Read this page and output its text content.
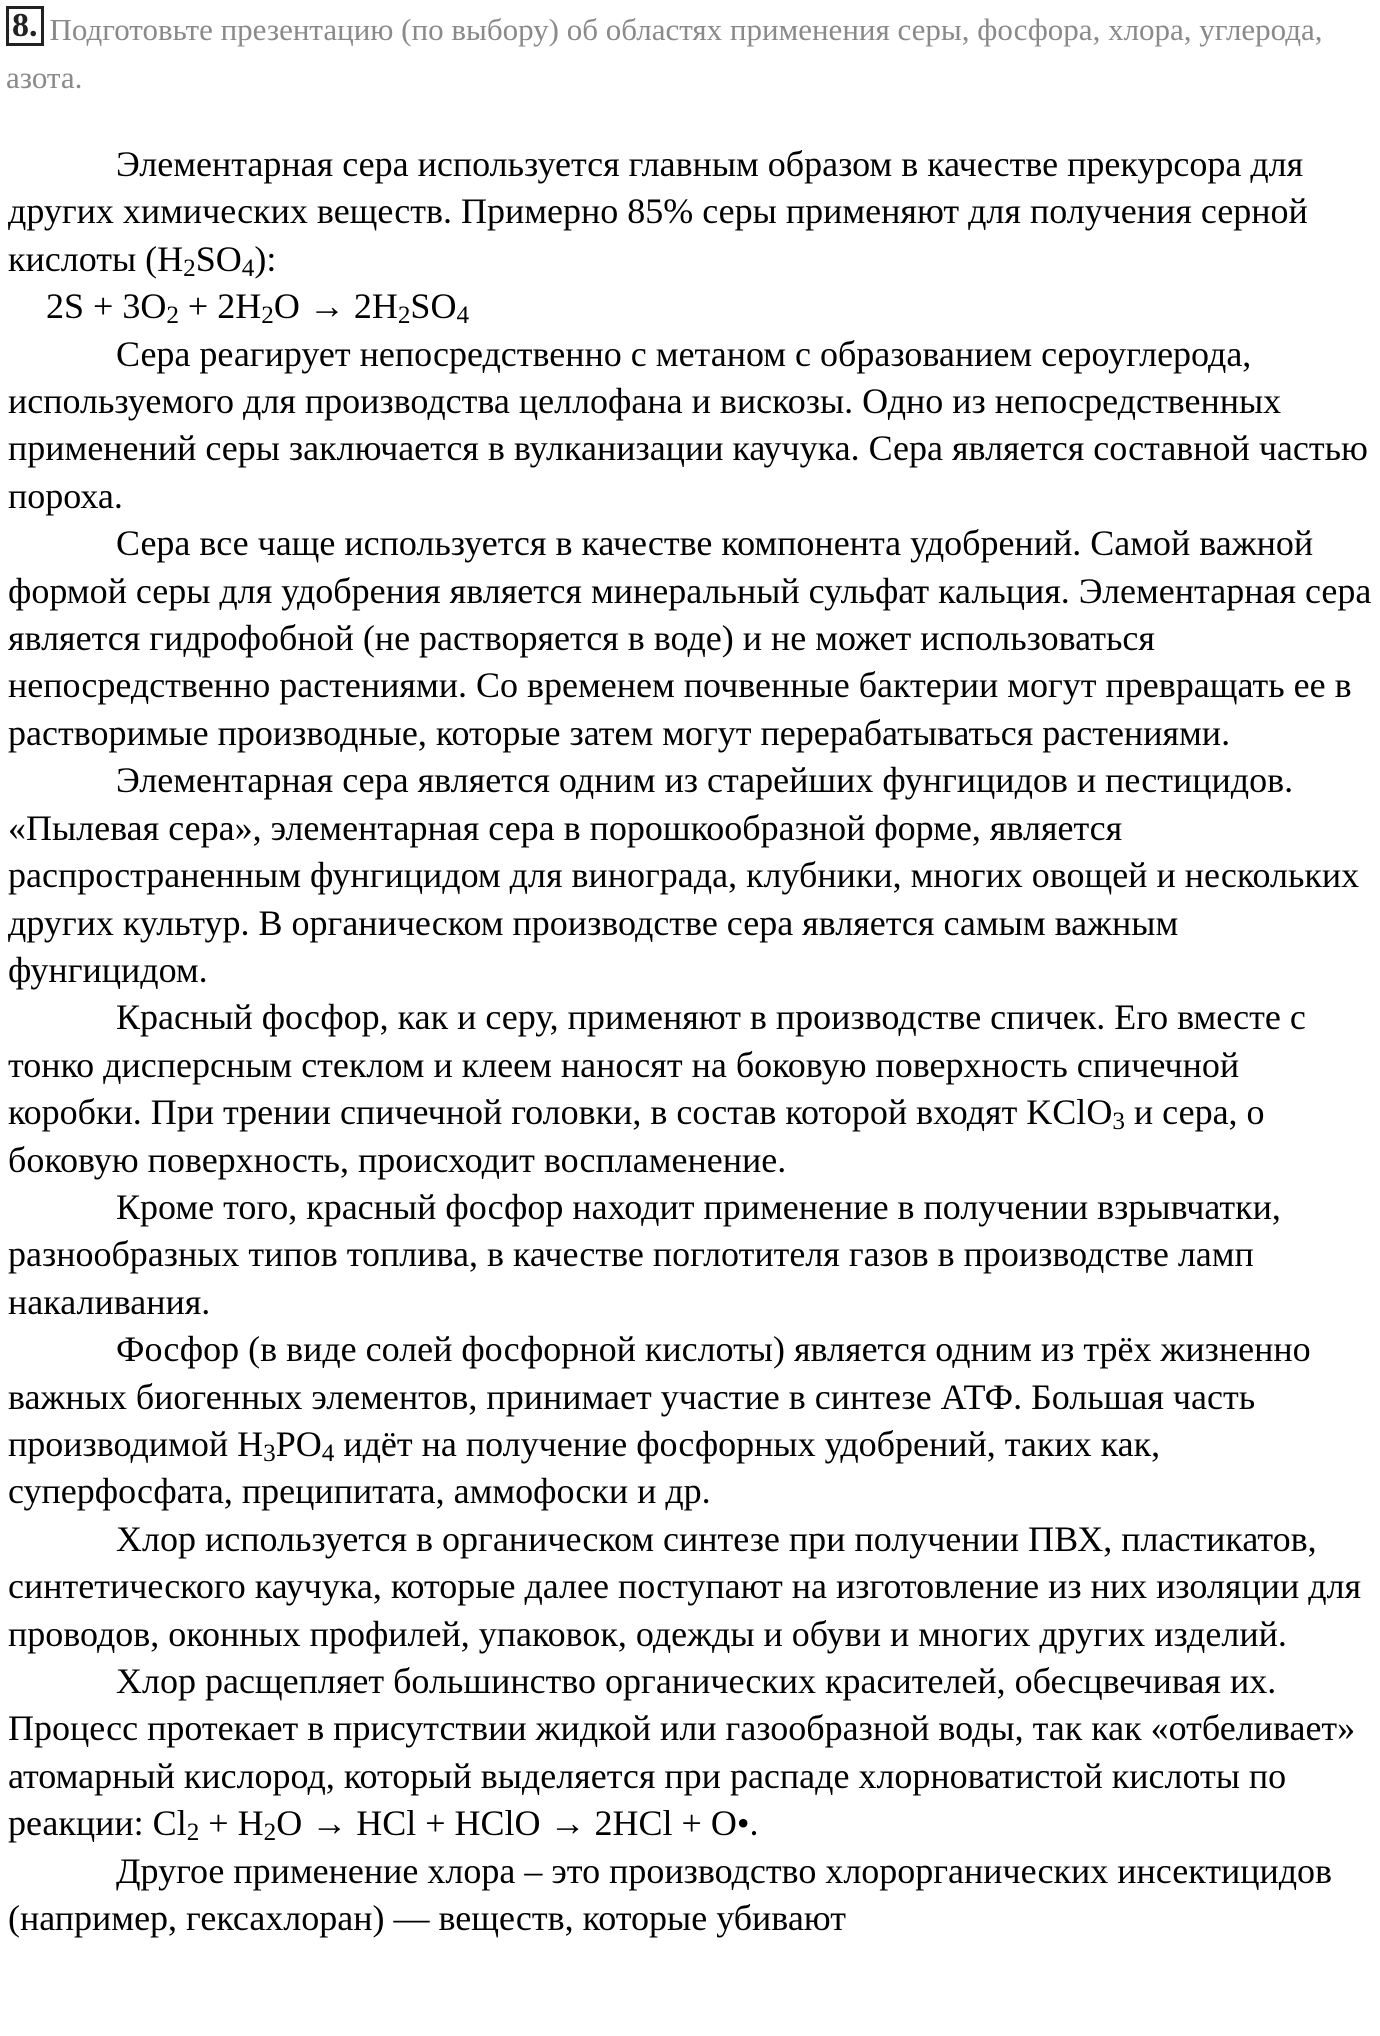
8. Подготовьте презентацию (по выбору) об областях применения серы, фосфора, хлора, углерода, азота.

Элементарная сера используется главным образом в качестве прекурсора для других химических веществ. Примерно 85% серы применяют для получения серной кислоты $(H_2SO_4)$:

$2S + 3O_2 + 2H_2O \to 2H_2SO_4$

Сера реагирует непосредственно с метаном с образованием сероуглерода, используемого для производства целлофана и вискозы. Одно из непосредственных применений серы заключается в вулканизации каучука. Сера является составной частью пороха.

Сера все чаще используется в качестве компонента удобрений. Самой важной формой серы для удобрения является минеральный сульфат кальция. Элементарная сера является гидрофобной (не растворяется в воде) и не может использоваться непосредственно растениями. Со временем почвенные бактерии могут превращать ее в растворимые производные, которые затем могут перерабатываться растениями.

Элементарная сера является одним из старейших фунгицидов и пестицидов. «Пылевая сера», элементарная сера в порошкообразной форме, является распространенным фунгицидом для винограда, клубники, многих овощей и нескольких других культур. В органическом производстве сера является самым важным фунгицидом.

Красный фосфор, как и серу, применяют в производстве спичек. Его вместе с тонко дисперсным стеклом и клеем наносят на боковую поверхность спичечной коробки. При трении спичечной головки, в состав которой входят KClO$_3$ и сера, о боковую поверхность, происходит воспламенение.

Кроме того, красный фосфор находит применение в получении взрывчатки, разнообразных типов топлива, в качестве поглотителя газов в производстве ламп накаливания.

Фосфор (в виде солей фосфорной кислоты) является одним из трёх жизненно важных биогенных элементов, принимает участие в синтезе АТФ. Большая часть производимой $H_3PO_4$ идёт на получение фосфорных удобрений, таких как, суперфосфата, преципитата, аммофоски и др.

Хлор используется в органическом синтезе при получении ПВХ, пластикатов, синтетического каучука, которые далее поступают на изготовление из них изоляции для проводов, оконных профилей, упаковок, одежды и обуви и многих других изделий.

Хлор расщепляет большинство органических красителей, обесцвечивая их. Процесс протекает в присутствии жидкой или газообразной воды, так как «отбеливает» атомарный кислород, который выделяется при распаде хлорноватистой кислоты по реакции: $Cl_2 + H_2O$ → HCl + HClO → 2HCl + O•.

Другое применение хлора – это производство хлорорганических инсектицидов (например, гексахлоран) — веществ, которые убивают
